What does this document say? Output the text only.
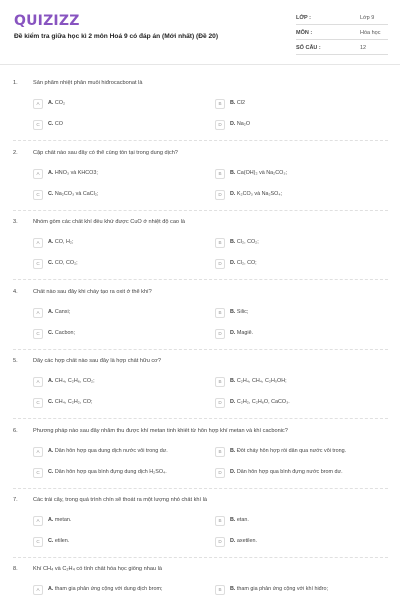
QUIZIZZ
Đề kiểm tra giữa học kì 2 môn Hoá 9 có đáp án (Mới nhất) (Đề 20)
LỚP :	Lớp 9
MÔN :	Hóa học
SỐ CÂU :	12
1.	Sản phẩm nhiệt phân muối hiđrocacbonat là
A	A. CO₂	B	B. Cl2
C	C. CO	D	D. Na₂O
2.	Cặp chất nào sau đây có thể cùng tồn tại trong dung dịch?
A	A. HNO₃ và KHCO3;	B	B. Ca(OH)₂ và Na₂CO₃;
C	C. Na₂CO₃ và CaCl₂;	D	D. K₂CO₃ và Na₂SO₄;
3.	Nhóm gồm các chất khí đều khử được CuO ở nhiệt độ cao là
A	A. CO, H₂;	B	B. Cl₂, CO₂;
C	C. CO, CO₂;	D	D. Cl₂, CO;
4.	Chất nào sau đây khi cháy tạo ra oxit ở thể khí?
A	A. Canxi;	B	B. Silic;
C	C. Cacbon;	D	D. Magiê.
5.	Dãy các hợp chất nào sau đây là hợp chất hữu cơ?
A	A. CH₄, C₂H₆, CO₂;	B	B. C₂H₄, CH₄, C₂H₅OH;
C	C. CH₄, C₂H₂, CO;	D	D. C₂H₂, C₂H₆O, CaCO₃.
6.	Phương pháp nào sau đây nhằm thu được khí metan tinh khiết từ hỗn hợp khí metan và khí cacbonic?
A	A. Dẫn hỗn hợp qua dung dịch nước vôi trong dư.	B	B. Đốt cháy hỗn hợp rồi dẫn qua nước vôi trong.
C	C. Dẫn hỗn hợp qua bình đựng dung dịch H₂SO₄.	D	D. Dẫn hỗn hợp qua bình đựng nước brom dư.
7.	Các trái cây, trong quá trình chín sẽ thoát ra một lượng nhỏ chất khí là
A	A. metan.	B	B. etan.
C	C. etilen.	D	D. axetilen.
8.	Khí CH₄ và C₂H₄ có tính chất hóa học giống nhau là
A	A. tham gia phản ứng cộng với dung dịch brom;	B	B. tham gia phản ứng cộng với khí hiđro;
